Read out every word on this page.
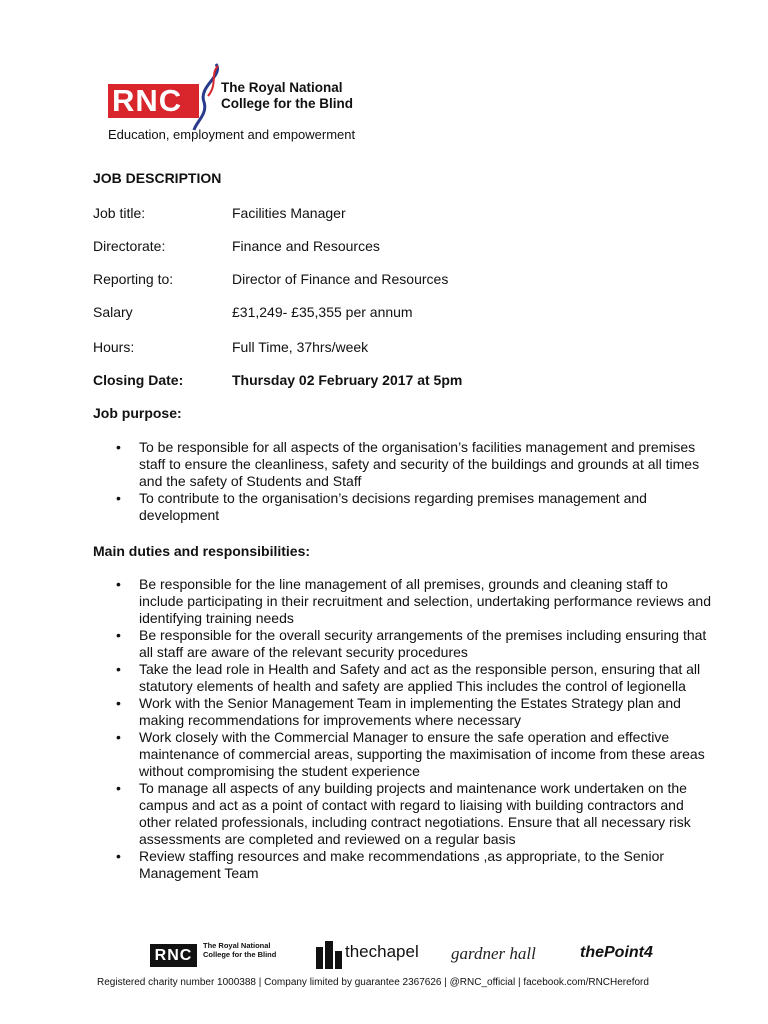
RNC	The Royal National
College for the Blind
Education, employment and empowerment
JOB DESCRIPTION
Job title:	Facilities Manager
Directorate:	Finance and Resources
Reporting to:	Director of Finance and Resources
Salary	£31,249- £35,355 per annum
Hours:	Full Time, 37hrs/week
Closing Date:	Thursday 02 February 2017 at 5pm
Job purpose:
• To be responsible for all aspects of the organisation’s facilities management and premises staff to ensure the cleanliness, safety and security of the buildings and grounds at all times and the safety of Students and Staff
• To contribute to the organisation’s decisions regarding premises management and development
Main duties and responsibilities:
• Be responsible for the line management of all premises, grounds and cleaning staff to include participating in their recruitment and selection, undertaking performance reviews and identifying training needs
• Be responsible for the overall security arrangements of the premises including ensuring that all staff are aware of the relevant security procedures
• Take the lead role in Health and Safety and act as the responsible person, ensuring that all statutory elements of health and safety are applied This includes the control of legionella
• Work with the Senior Management Team in implementing the Estates Strategy plan and making recommendations for improvements where necessary
• Work closely with the Commercial Manager to ensure the safe operation and effective maintenance of commercial areas, supporting the maximisation of income from these areas without compromising the student experience
• To manage all aspects of any building projects and maintenance work undertaken on the campus and act as a point of contact with regard to liaising with building contractors and other related professionals, including contract negotiations. Ensure that all necessary risk assessments are completed and reviewed on a regular basis
• Review staffing resources and make recommendations ,as appropriate, to the Senior Management Team
RNC
The Royal National
College for the Blind	thechapel gardner hall	thePoint4
Registered charity number 1000388 | Company limited by guarantee 2367626 | @RNC_official | facebook.com/RNCHereford
